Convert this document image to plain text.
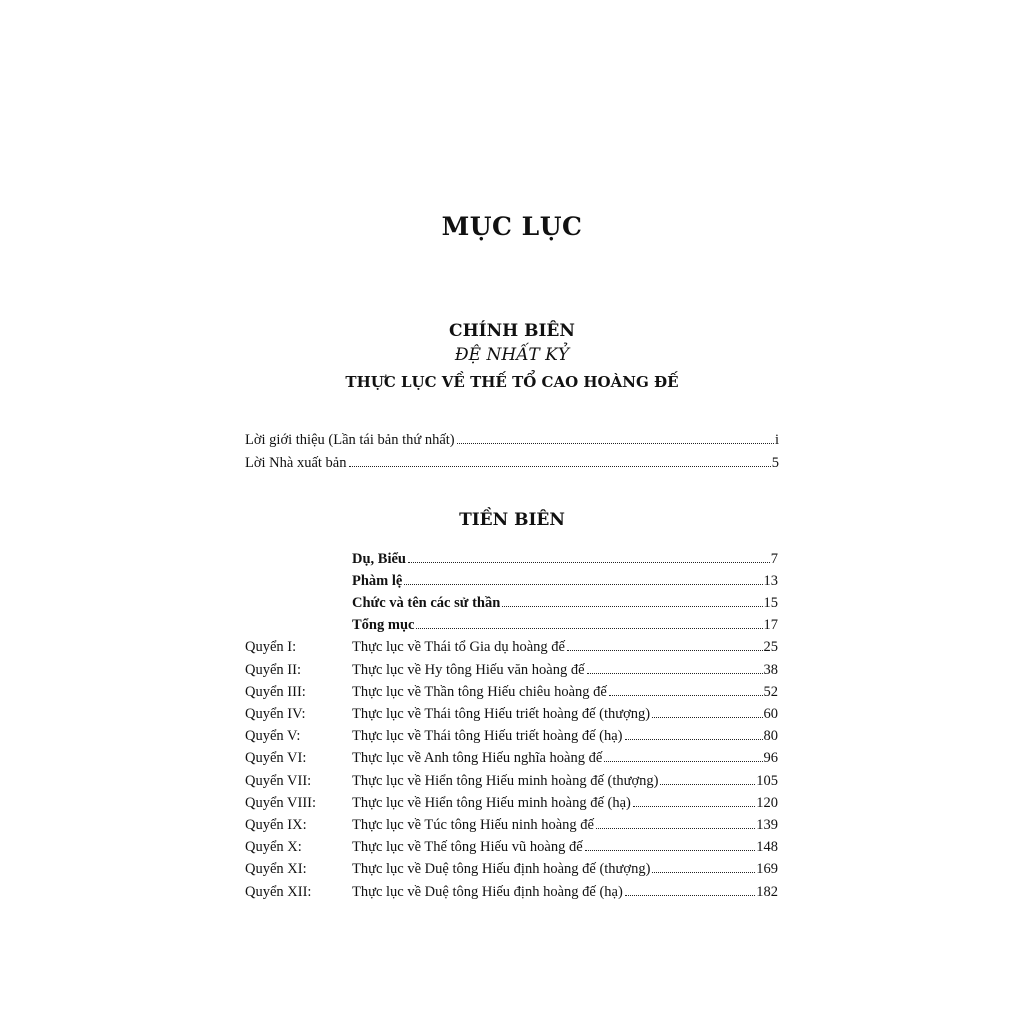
MỤC LỤC
CHÍNH BIÊN
ĐỆ NHẤT KỶ
THỰC LỤC VỀ THẾ TỔ CAO HOÀNG ĐẾ
Lời giới thiệu (Lần tái bản thứ nhất)	i
Lời Nhà xuất bản	5
TIỀN BIÊN
Dụ, Biểu	7
Phàm lệ	13
Chức và tên các sử thần	15
Tổng mục	17
Quyển I:	Thực lục về Thái tổ Gia dụ hoàng đế	25
Quyển II:	Thực lục về Hy tông Hiếu văn hoàng đế	38
Quyển III:	Thực lục về Thần tông Hiếu chiêu hoàng đế	52
Quyển IV:	Thực lục về Thái tông Hiếu triết hoàng đế (thượng)	60
Quyển V:	Thực lục về Thái tông Hiếu triết hoàng đế (hạ)	80
Quyển VI:	Thực lục về Anh tông Hiếu nghĩa hoàng đế	96
Quyển VII:	Thực lục về Hiển tông Hiếu minh hoàng đế (thượng)	105
Quyển VIII: Thực lục về Hiển tông Hiếu minh hoàng đế (hạ)	120
Quyển IX:	Thực lục về Túc tông Hiếu ninh hoàng đế	139
Quyển X:	Thực lục về Thế tông Hiếu vũ hoàng đế	148
Quyển XI:	Thực lục về Duệ tông Hiếu định hoàng đế (thượng)	169
Quyển XII:	Thực lục về Duệ tông Hiếu định hoàng đế (hạ)	182
